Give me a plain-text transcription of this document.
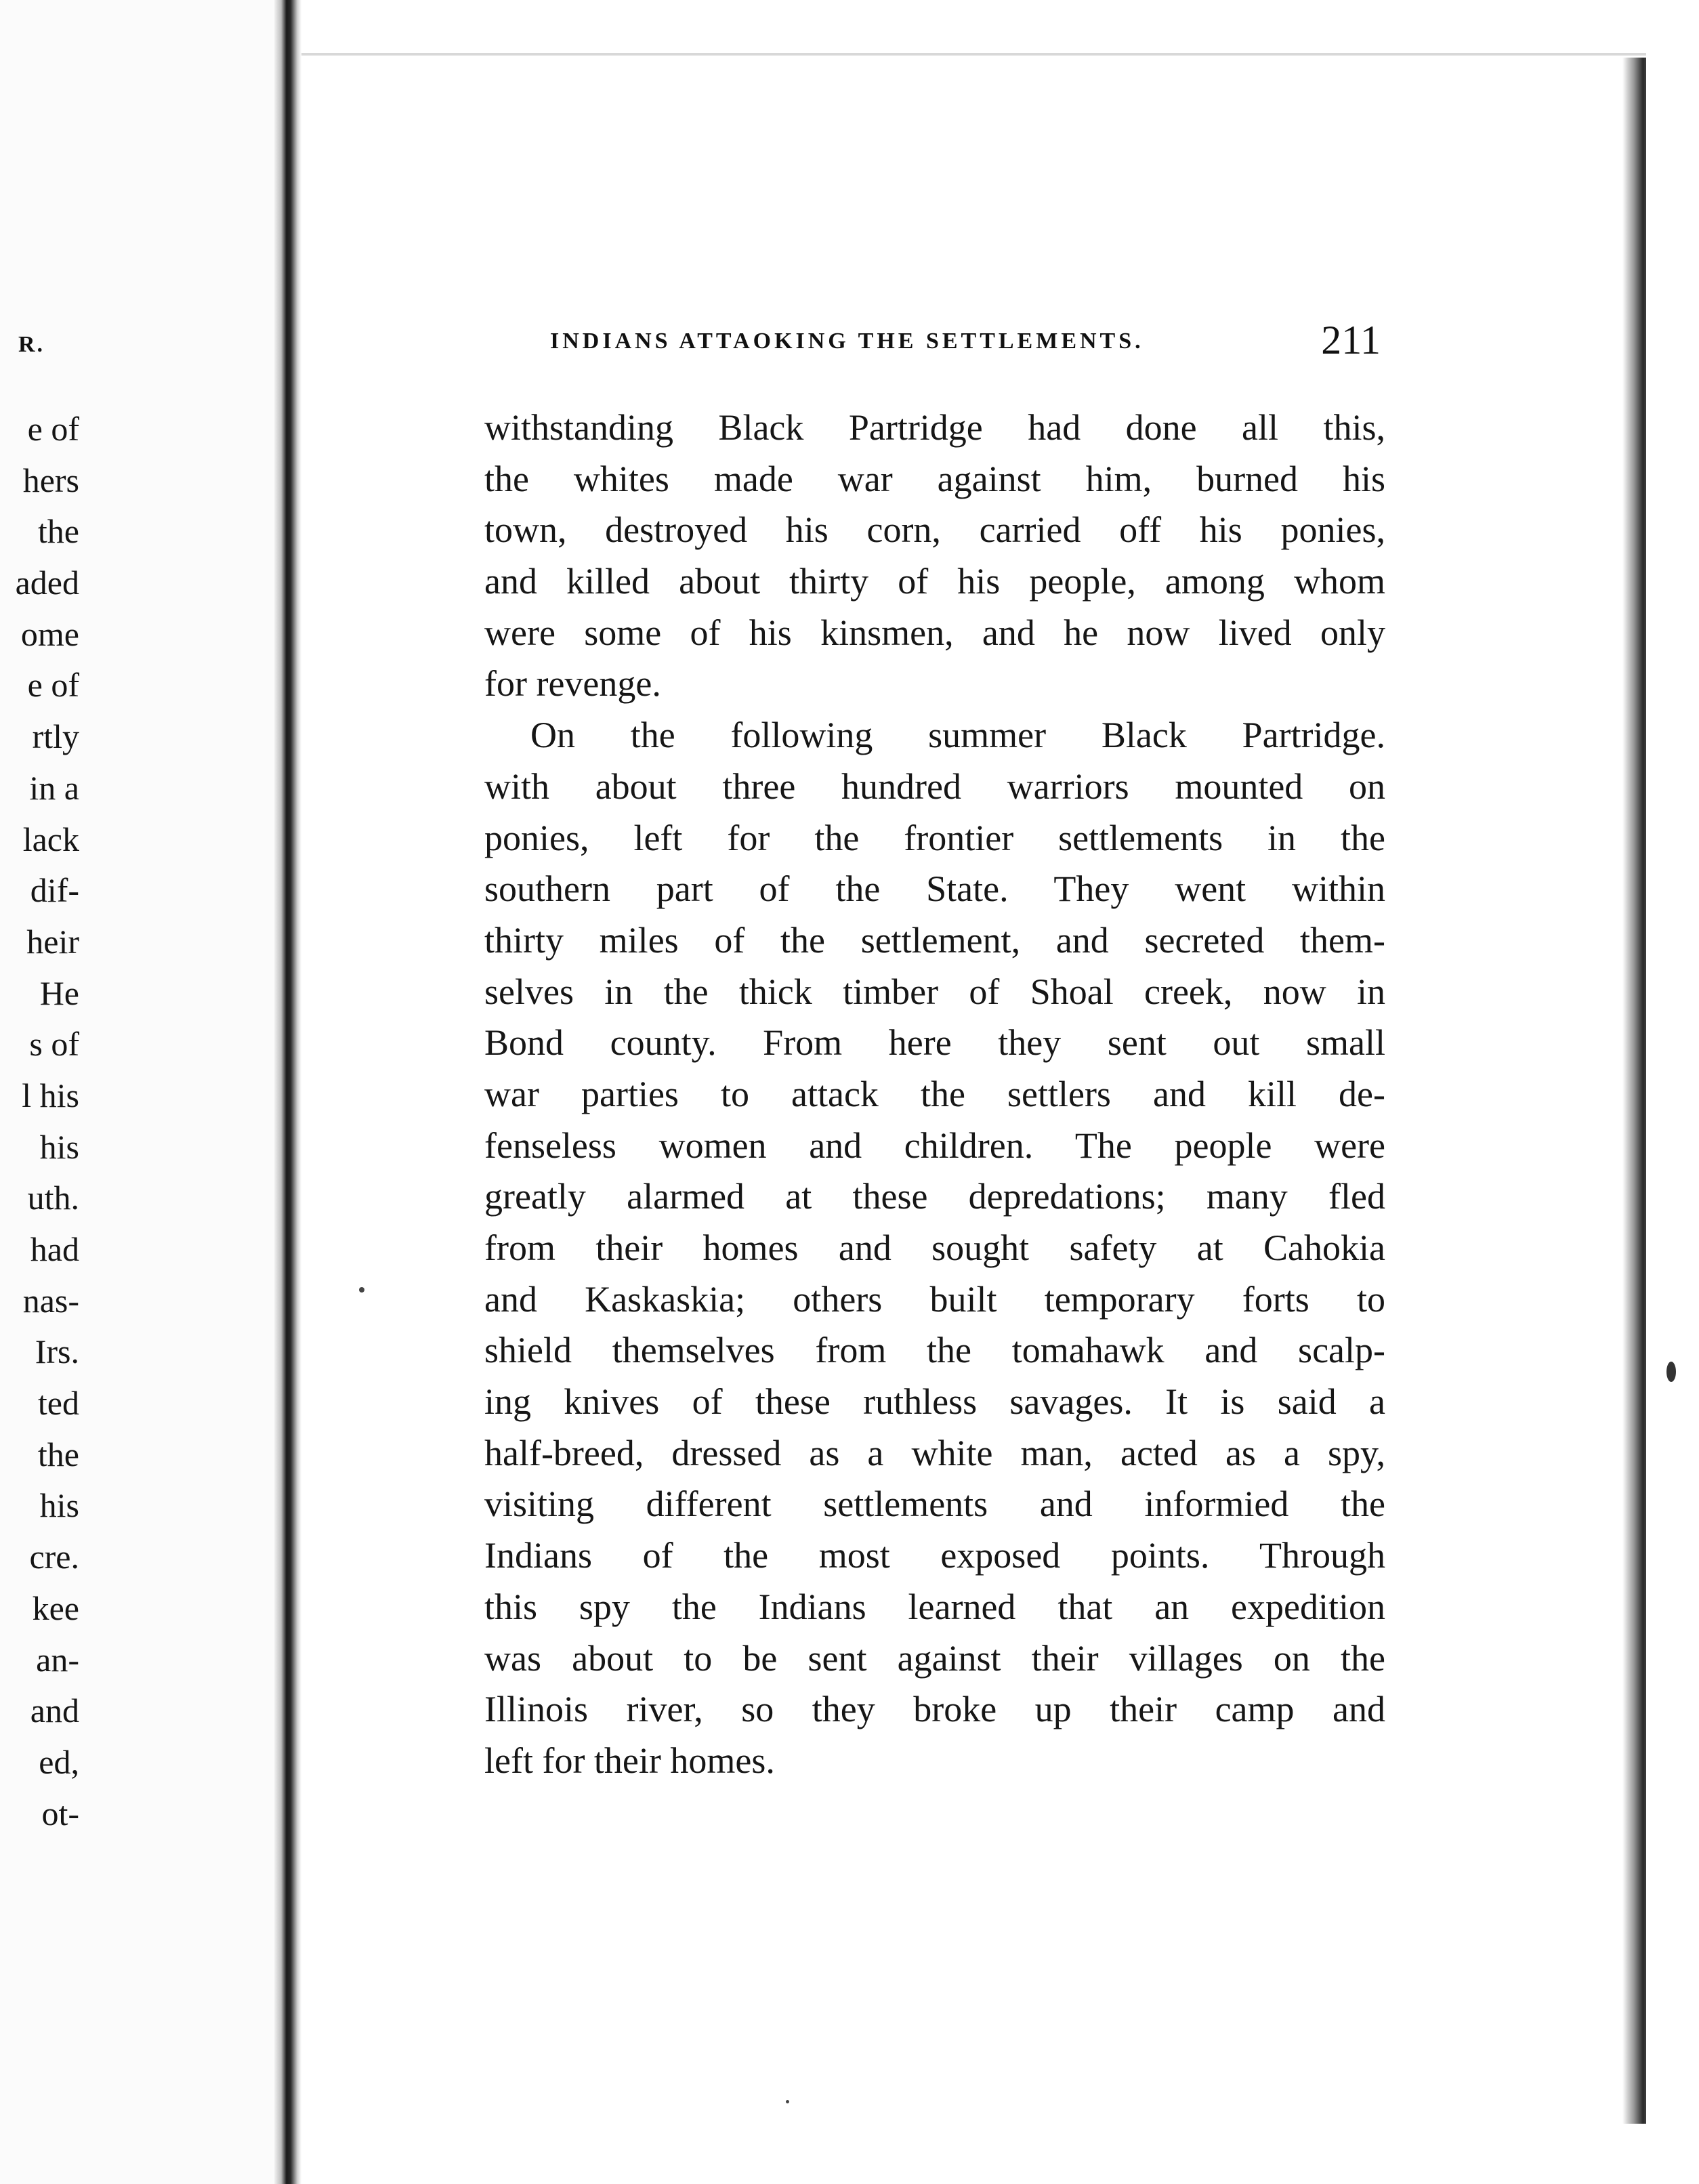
R.
e of
hers
the
aded
ome
e of
rtly
in a
lack
dif-
heir
He
s of
l his
his
uth.
had
nas-
Irs.
ted
the
his
cre.
kee
an-
and
ed,
ot-
INDIANS ATTAOKING THE SETTLEMENTS.	211
withstanding Black Partridge had done all this,
the whites made war against him, burned his
town, destroyed his corn, carried off his ponies,
and killed about thirty of his people, among whom
were some of his kinsmen, and he now lived only
for revenge.
On the following summer Black Partridge.
with about three hundred warriors mounted on
ponies, left for the frontier settlements in the
southern part of the State. They went within
thirty miles of the settlement, and secreted them-
selves in the thick timber of Shoal creek, now in
Bond county. From here they sent out small
war parties to attack the settlers and kill de-
fenseless women and children. The people were
greatly alarmed at these depredations; many fled
from their homes and sought safety at Cahokia
and Kaskaskia; others built temporary forts to
shield themselves from the tomahawk and scalp-
ing knives of these ruthless savages. It is said a
half-breed, dressed as a white man, acted as a spy,
visiting different settlements and informied the
Indians of the most exposed points. Through
this spy the Indians learned that an expedition
was about to be sent against their villages on the
Illinois river, so they broke up their camp and
left for their homes.
